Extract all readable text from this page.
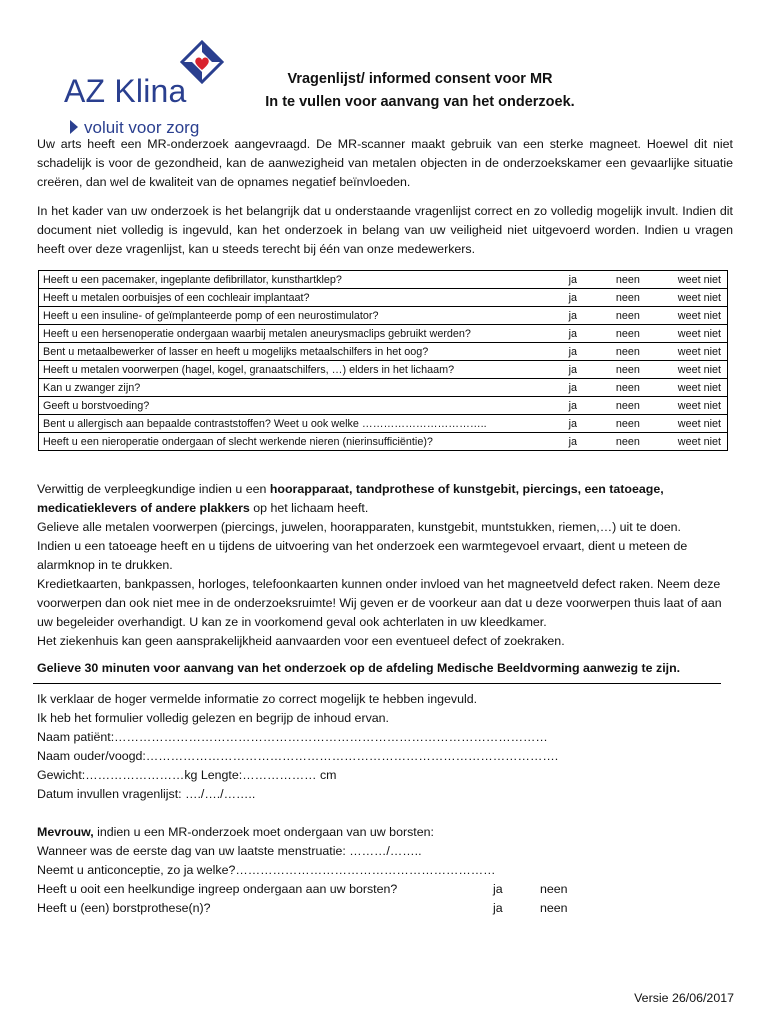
AZ Klina
voluit voor zorg
Vragenlijst/ informed consent voor MR
In te vullen voor aanvang van het onderzoek.
Uw arts heeft een MR-onderzoek aangevraagd. De MR-scanner maakt gebruik van een sterke magneet. Hoewel dit niet schadelijk is voor de gezondheid, kan de aanwezigheid van metalen objecten in de onderzoekskamer een gevaarlijke situatie creëren, dan wel de kwaliteit van de opnames negatief beïnvloeden.
In het kader van uw onderzoek is het belangrijk dat u onderstaande vragenlijst correct en zo volledig mogelijk invult. Indien dit document niet volledig is ingevuld, kan het onderzoek in belang van uw veiligheid niet uitgevoerd worden. Indien u vragen heeft over deze vragenlijst, kan u steeds terecht bij één van onze medewerkers.
Heeft u een pacemaker, ingeplante defibrillator, kunsthartklep?	ja	neen	weet niet
Heeft u metalen oorbuisjes of een cochleair implantaat?	ja	neen	weet niet
Heeft u een insuline- of geïmplanteerde pomp of een neurostimulator?	ja	neen	weet niet
Heeft u een hersenoperatie ondergaan waarbij metalen aneurysmaclips gebruikt werden?	ja	neen	weet niet
Bent u metaalbewerker of lasser en heeft u mogelijks metaalschilfers in het oog?	ja	neen	weet niet
Heeft u metalen voorwerpen (hagel, kogel, granaatschilfers, …) elders in het lichaam?	ja	neen	weet niet
Kan u zwanger zijn?	ja	neen	weet niet
Geeft u borstvoeding?	ja	neen	weet niet
Bent u allergisch aan bepaalde contraststoffen? Weet u ook welke ……………………………..	ja	neen	weet niet
Heeft u een nieroperatie ondergaan of slecht werkende nieren (nierinsufficiëntie)?	ja	neen	weet niet
Verwittig de verpleegkundige indien u een hoorapparaat, tandprothese of kunstgebit, piercings, een tatoeage, medicatieklevers of andere plakkers op het lichaam heeft.
Gelieve alle metalen voorwerpen (piercings, juwelen, hoorapparaten, kunstgebit, muntstukken, riemen,…) uit te doen.
Indien u een tatoeage heeft en u tijdens de uitvoering van het onderzoek een warmtegevoel ervaart, dient u meteen de alarmknop in te drukken.
Kredietkaarten, bankpassen, horloges, telefoonkaarten kunnen onder invloed van het magneetveld defect raken. Neem deze voorwerpen dan ook niet mee in de onderzoeksruimte! Wij geven er de voorkeur aan dat u deze voorwerpen thuis laat of aan uw begeleider overhandigt. U kan ze in voorkomend geval ook achterlaten in uw kleedkamer.
Het ziekenhuis kan geen aansprakelijkheid aanvaarden voor een eventueel defect of zoekraken.
Gelieve 30 minuten voor aanvang van het onderzoek op de afdeling Medische Beeldvorming aanwezig te zijn.
Ik verklaar de hoger vermelde informatie zo correct mogelijk te hebben ingevuld.
Ik heb het formulier volledig gelezen en begrijp de inhoud ervan.
Naam patiënt:……………………………………………………………………………………………
Naam ouder/voogd:……………………………………………………………………………………….
Gewicht:……………………kg Lengte:……………… cm
Datum invullen vragenlijst: …./…./……..
Mevrouw, indien u een MR-onderzoek moet ondergaan van uw borsten:
Wanneer was de eerste dag van uw laatste menstruatie: ………/……..
Neemt u anticonceptie, zo ja welke?………………………………………………………
Heeft u ooit een heelkundige ingreep ondergaan aan uw borsten?	ja	neen
Heeft u (een) borstprothese(n)?	ja	neen
Versie 26/06/2017
